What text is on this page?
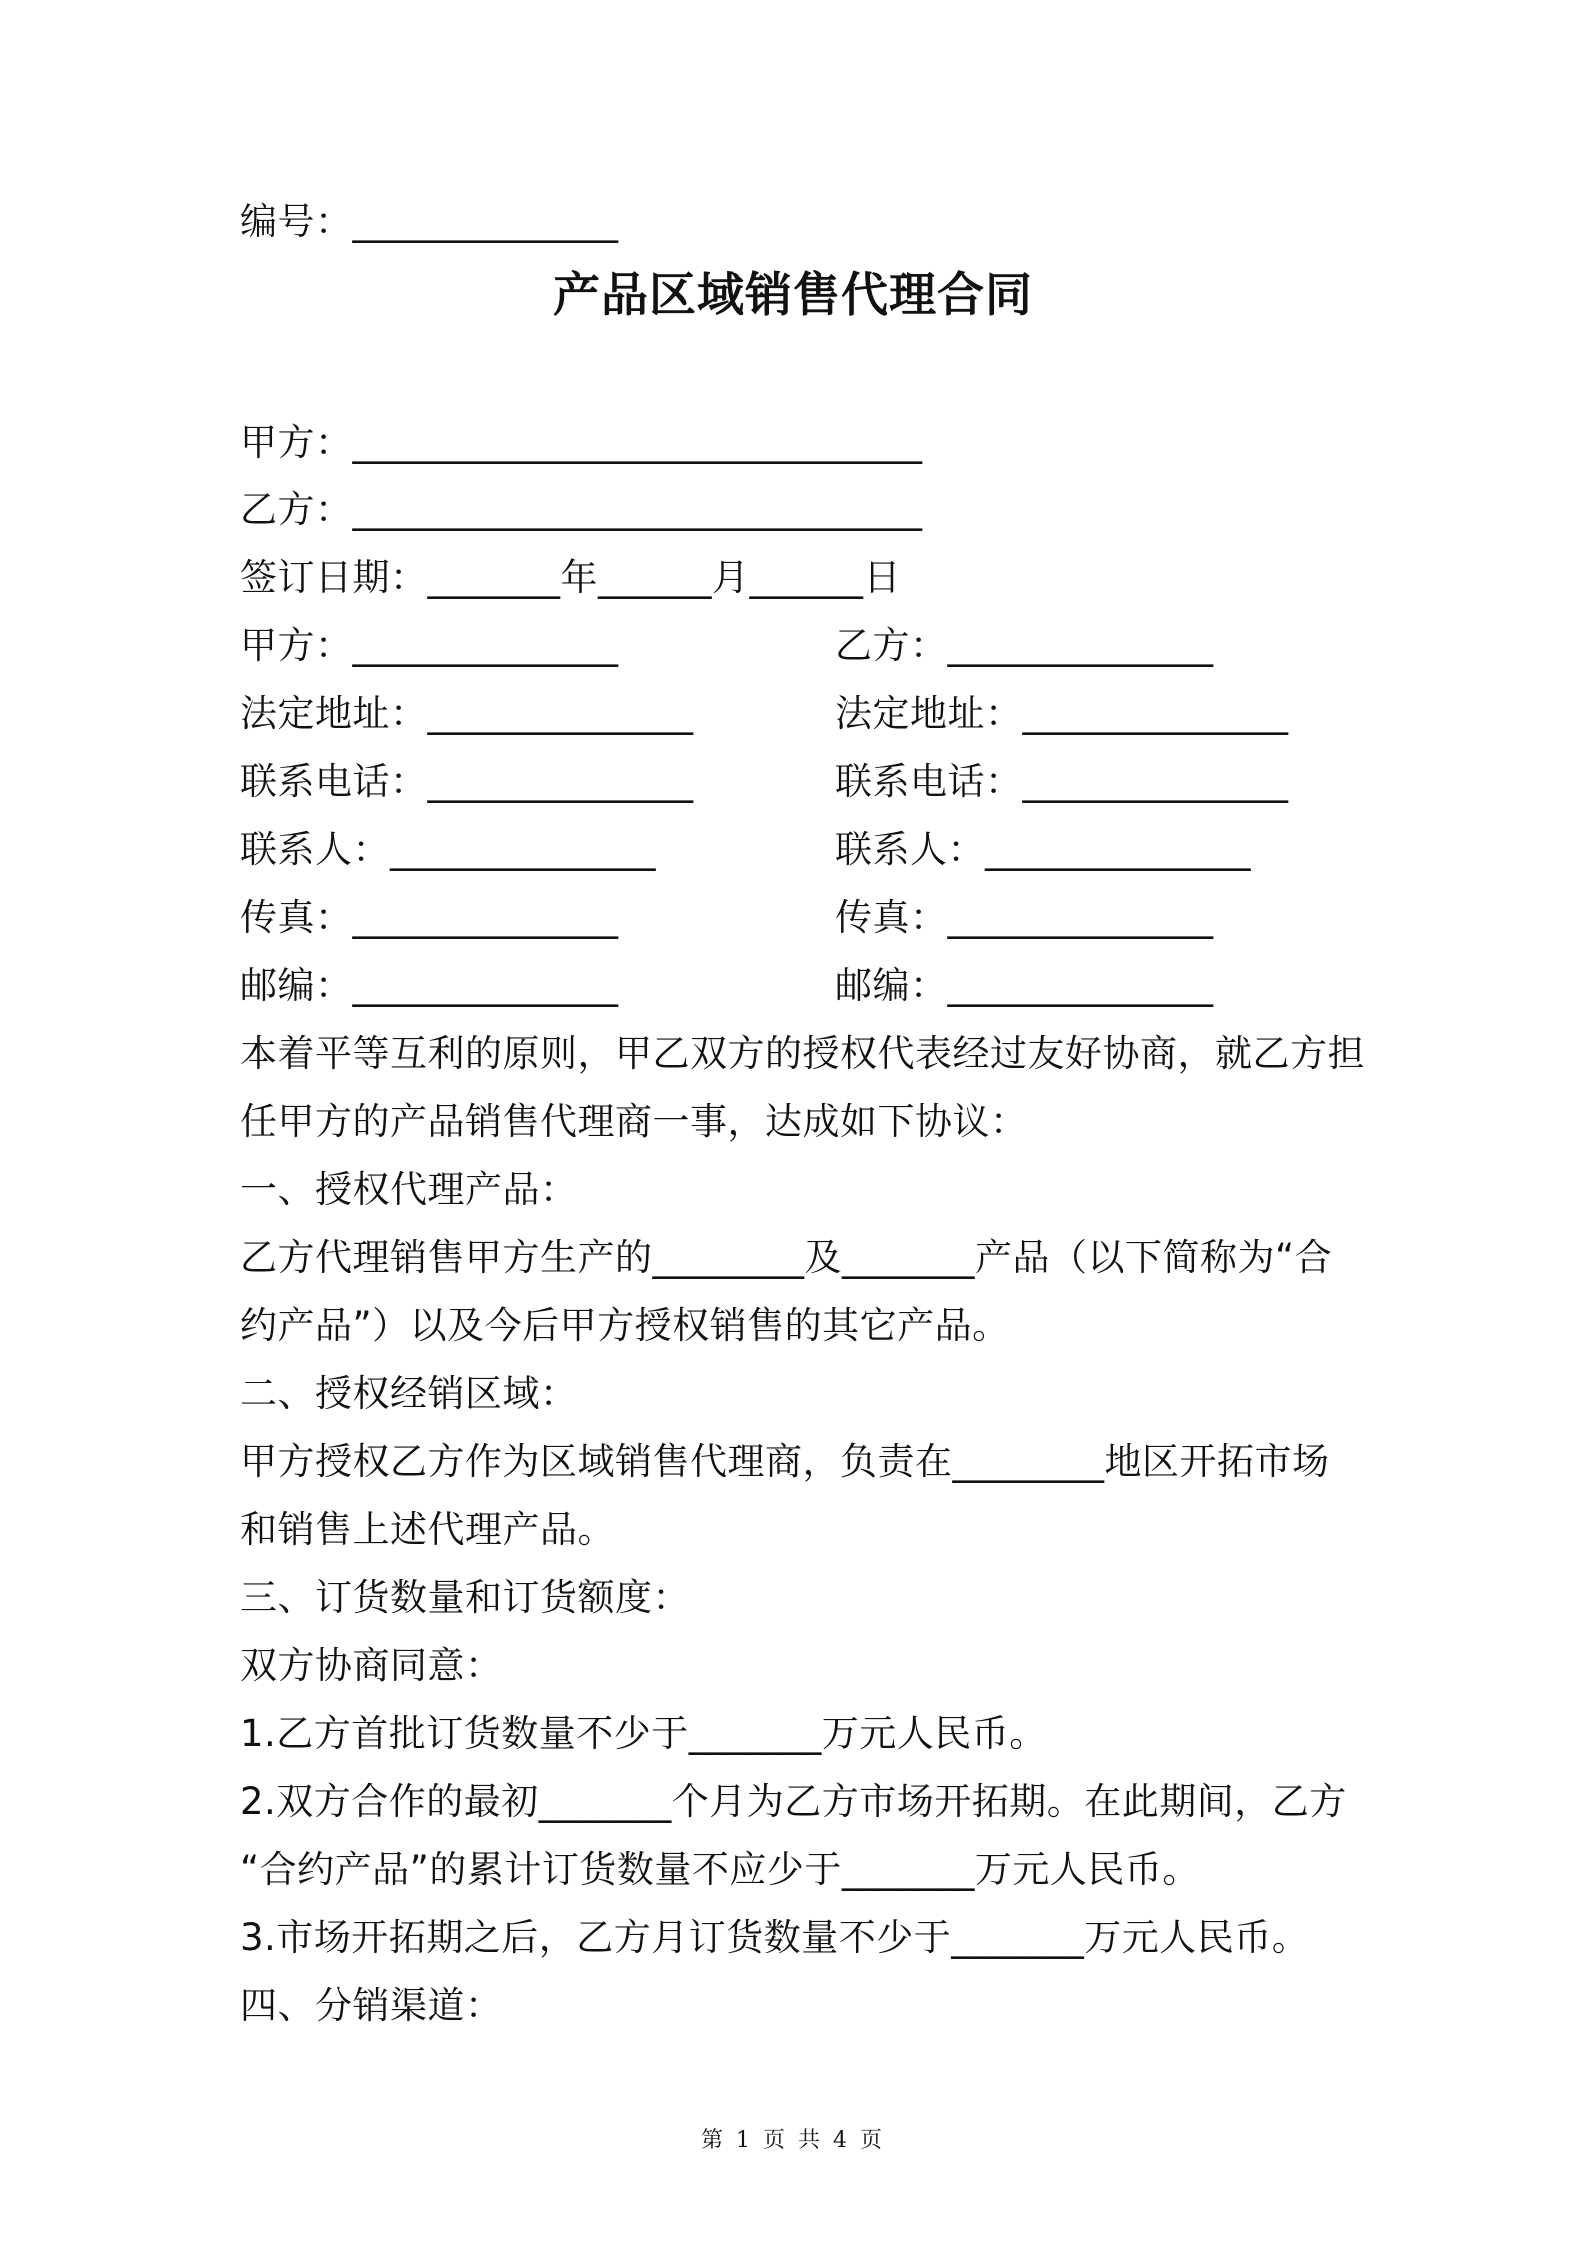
编号：______________
产品区域销售代理合同
甲方：______________________________
乙方：______________________________
签订日期：_______年______月______日
甲方：______________
法定地址：______________
联系电话：______________
联系人：______________
传真：______________
邮编：______________
乙方：______________
法定地址：______________
联系电话：______________
联系人：______________
传真：______________
邮编：______________
本着平等互利的原则，甲乙双方的授权代表经过友好协商，就乙方担
任甲方的产品销售代理商一事，达成如下协议：
一、授权代理产品：
乙方代理销售甲方生产的________及_______产品（以下简称为“合
约产品”）以及今后甲方授权销售的其它产品。
二、授权经销区域：
甲方授权乙方作为区域销售代理商，负责在________地区开拓市场
和销售上述代理产品。
三、订货数量和订货额度：
双方协商同意：
1.乙方首批订货数量不少于_______万元人民币。
2.双方合作的最初_______个月为乙方市场开拓期。在此期间，乙方
“合约产品”的累计订货数量不应少于_______万元人民币。
3.市场开拓期之后，乙方月订货数量不少于_______万元人民币。
四、分销渠道：
第 1 页 共 4 页
